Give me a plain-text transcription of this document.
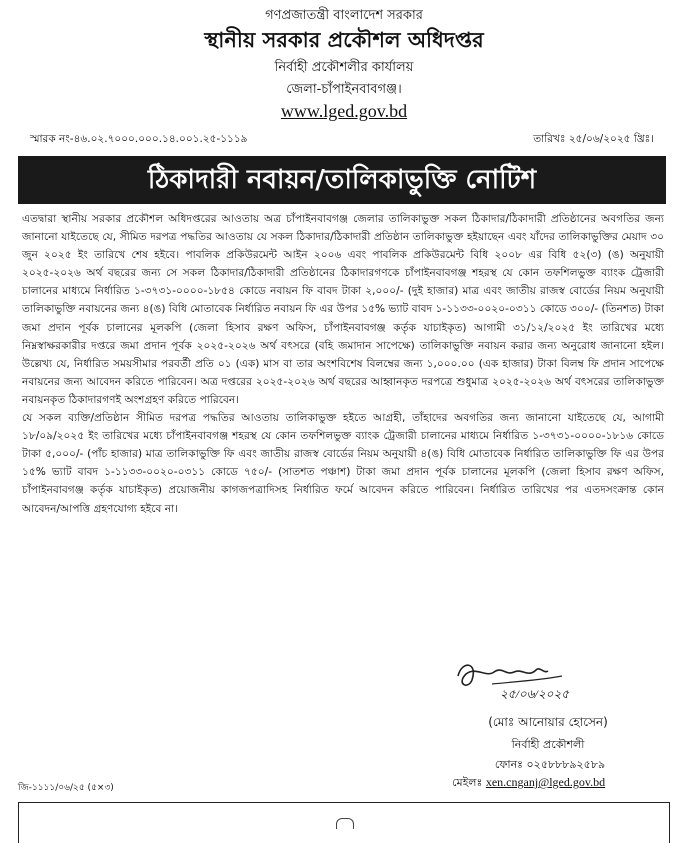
গণপ্রজাতন্ত্রী বাংলাদেশ সরকার
স্থানীয় সরকার প্রকৌশল অধিদপ্তর
নির্বাহী প্রকৌশলীর কার্যালয়
জেলা-চাঁপাইনবাবগঞ্জ।
www.lged.gov.bd
স্মারক নং-৪৬.০২.৭০০০.০০০.১৪.০০১.২৫-১১১৯	তারিখঃ ২৫/০৬/২০২৫ খ্রিঃ।
ঠিকাদারী নবায়ন/তালিকাভুক্তি নোটিশ

এতদ্বারা স্থানীয় সরকার প্রকৌশল অধিদপ্তরের আওতায় অত্র চাঁপাইনবাবগঞ্জ জেলার তালিকাভুক্ত সকল ঠিকাদার/ঠিকাদারী প্রতিষ্ঠানের অবগতির জন্য জানানো যাইতেছে যে, সীমিত দরপত্র পদ্ধতির আওতায় যে সকল ঠিকাদার/ঠিকাদারী প্রতিষ্ঠান তালিকাভুক্ত হইয়াছেন এবং যাঁদের তালিকাভুক্তির মেয়াদ ৩০ জুন ২০২৫ ইং তারিখে শেষ হইবে। পাবলিক প্রকিউরমেন্ট আইন ২০০৬ এবং পাবলিক প্রকিউরমেন্ট বিধি ২০০৮ এর বিধি ৫২(৩) (ঙ) অনুযায়ী ২০২৫-২০২৬ অর্থ বছরের জন্য সে সকল ঠিকাদার/ঠিকাদারী প্রতিষ্ঠানের ঠিকাদারগণকে চাঁপাইনবাবগঞ্জ শহরস্থ যে কোন তফশিলভুক্ত ব্যাংক ট্রেজারী চালানের মাধ্যমে নির্ধারিত ১-৩৭৩১-০০০০-১৮৫৪ কোডে নবায়ন ফি বাবদ টাকা ২,০০০/- (দুই হাজার) মাত্র এবং জাতীয় রাজস্ব বোর্ডের নিয়ম অনুযায়ী তালিকাভুক্তি নবায়নের জন্য ৪(ঙ) বিধি মোতাবেক নির্ধারিত নবায়ন ফি এর উপর ১৫% ভ্যাট বাবদ ১-১১৩৩-০০২০-০৩১১ কোডে ৩০০/- (তিনশত) টাকা জমা প্রদান পূর্বক চালানের মূলকপি (জেলা হিসাব রক্ষণ অফিস, চাঁপাইনবাবগঞ্জ কর্তৃক যাচাইকৃত) আগামী ৩১/১২/২০২৫ ইং তারিখের মধ্যে নিম্নস্বাক্ষরকারীর দপ্তরে জমা প্রদান পূর্বক ২০২৫-২০২৬ অর্থ বৎসরে (বহি জমাদান সাপেক্ষে) তালিকাভুক্তি নবায়ন করার জন্য অনুরোধ জানানো হইল। উল্লেখ্য যে, নির্ধারিত সময়সীমার পরবর্তী প্রতি ০১ (এক) মাস বা তার অংশবিশেষ বিলম্বের জন্য ১,০০০.০০ (এক হাজার) টাকা বিলম্ব ফি প্রদান সাপেক্ষে নবায়নের জন্য আবেদন করিতে পারিবেন। অত্র দপ্তরের ২০২৫-২০২৬ অর্থ বছরের আহ্বানকৃত দরপত্রে শুধুমাত্র ২০২৫-২০২৬ অর্থ বৎসরের তালিকাভুক্ত নবায়নকৃত ঠিকাদারগণই অংশগ্রহণ করিতে পারিবেন।

যে সকল ব্যক্তি/প্রতিষ্ঠান সীমিত দরপত্র পদ্ধতির আওতায় তালিকাভুক্ত হইতে আগ্রহী, তাঁহাদের অবগতির জন্য জানানো যাইতেছে যে, আগামী ১৮/০৯/২০২৫ ইং তারিখের মধ্যে চাঁপাইনবাবগঞ্জ শহরস্থ যে কোন তফশিলভুক্ত ব্যাংক ট্রেজারী চালানের মাধ্যমে নির্ধারিত ১-৩৭৩১-০০০০-১৮১৬ কোডে টাকা ৫,০০০/- (পাঁচ হাজার) মাত্র তালিকাভুক্তি ফি এবং জাতীয় রাজস্ব বোর্ডের নিয়ম অনুযায়ী ৪(ঙ) বিধি মোতাবেক নির্ধারিত তালিকাভুক্তি ফি এর উপর ১৫% ভ্যাট বাবদ ১-১১৩৩-০০২০-০৩১১ কোডে ৭৫০/- (সাতশত পঞ্চাশ) টাকা জমা প্রদান পূর্বক চালানের মূলকপি (জেলা হিসাব রক্ষণ অফিস, চাঁপাইনবাবগঞ্জ কর্তৃক যাচাইকৃত) প্রয়োজনীয় কাগজপত্রাদিসহ নির্ধারিত ফর্মে আবেদন করিতে পারিবেন। নির্ধারিত তারিখের পর এতদসংক্রান্ত কোন আবেদন/আপত্তি গ্রহণযোগ্য হইবে না।

২৫/০৬/২০২৫
(মোঃ আনোয়ার হোসেন)
নির্বাহী প্রকৌশলী
ফোনঃ ০২৫৮৮৮৯২৫৮৯
মেইলঃ xen.cnganj@lged.gov.bd
জি-১১১১/০৬/২৫ (৫×৩)
